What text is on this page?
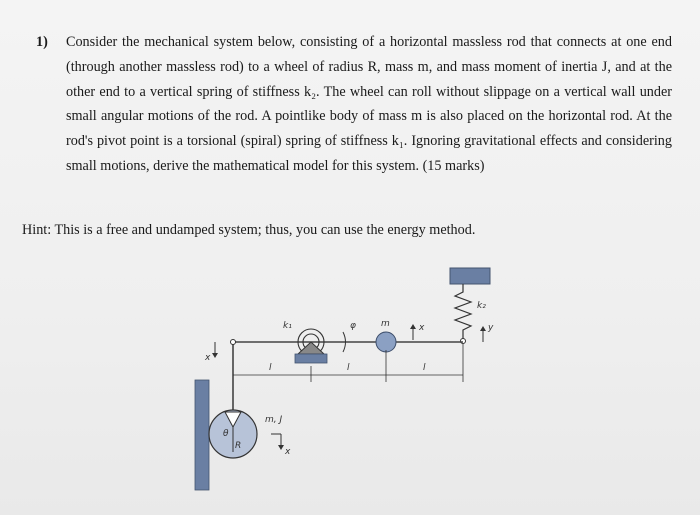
1) Consider the mechanical system below, consisting of a horizontal massless rod that connects at one end (through another massless rod) to a wheel of radius R, mass m, and mass moment of inertia J, and at the other end to a vertical spring of stiffness k₂. The wheel can roll without slippage on a vertical wall under small angular motions of the rod. A pointlike body of mass m is also placed on the horizontal rod. At the rod's pivot point is a torsional (spiral) spring of stiffness k₁. Ignoring gravitational effects and considering small motions, derive the mathematical model for this system. (15 marks)
Hint: This is a free and undamped system; thus, you can use the energy method.
k₁
k₂
φ	m	x	y
x
l	l	l
m, J
θ
R
x
